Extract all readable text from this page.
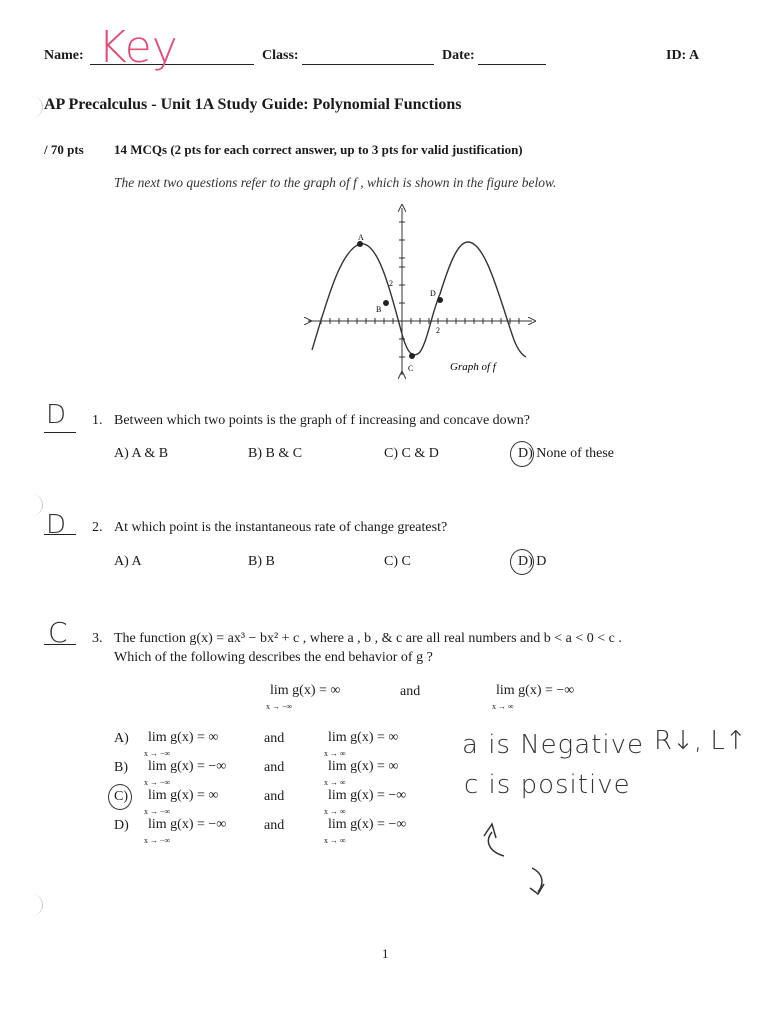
Name: Key	Class:	Date:	ID: A
AP Precalculus - Unit 1A Study Guide: Polynomial Functions
/ 70 pts 14 MCQs (2 pts for each correct answer, up to 3 pts for valid justification)
The next two questions refer to the graph of f , which is shown in the figure below.
A
B
C
D
2
2
Graph of f
D 1. Between which two points is the graph of f increasing and concave down?
A) A & B	B) B & C	C) C & D	D) None of these
D 2. At which point is the instantaneous rate of change greatest?
A) A	B) B	C) C	D) D
C 3. The function g(x) = ax³ − bx² + c , where a , b , & c are all real numbers and b < a < 0 < c .
Which of the following describes the end behavior of g ?
lim g(x) = ∞
x → −∞
and	lim g(x) = −∞
x → ∞
A) lim g(x) = ∞
x → −∞
and	lim g(x) = ∞
x → ∞
B) lim g(x) = −∞
x → −∞
and	lim g(x) = ∞
x → ∞
C) lim g(x) = ∞
x → −∞
and	lim g(x) = −∞
x → ∞
D) lim g(x) = −∞
x → −∞
and	lim g(x) = −∞
x → ∞
a is Negative R↓, L↑
c is positive
1
